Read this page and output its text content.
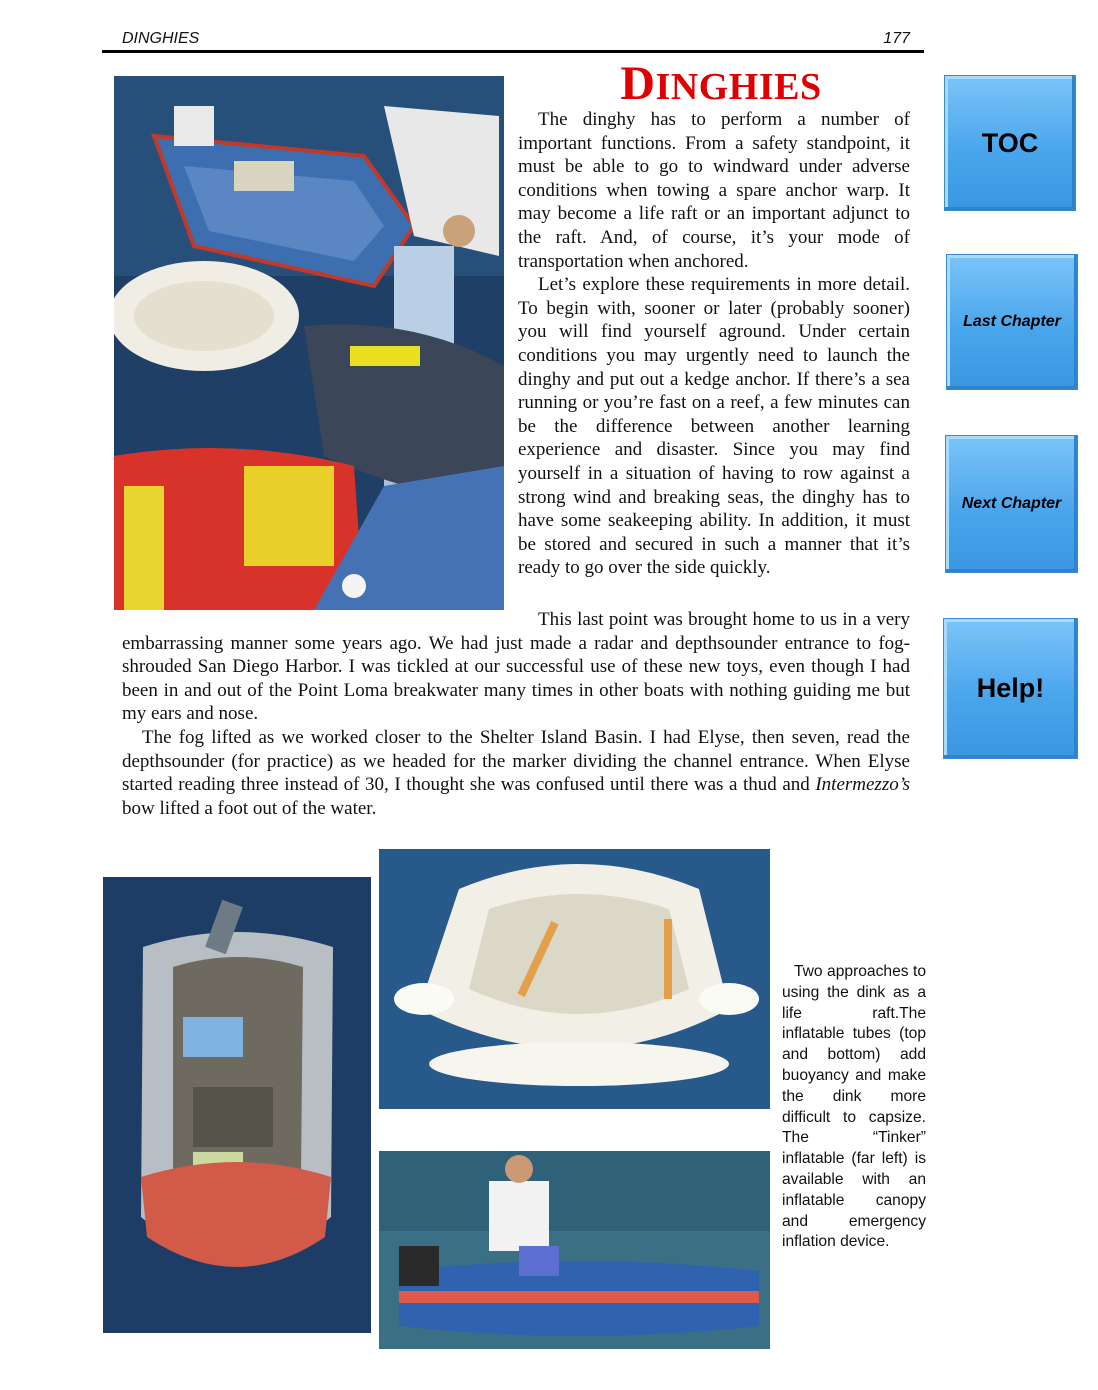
DINGHIES	177
DINGHIES

The dinghy has to perform a number of important functions. From a safety standpoint, it must be able to go to windward under adverse conditions when towing a spare anchor warp. It may become a life raft or an important adjunct to the raft. And, of course, it’s your mode of transportation when anchored.

Let’s explore these requirements in more detail. To begin with, sooner or later (probably sooner) you will find yourself aground. Under certain conditions you may urgently need to launch the dinghy and put out a kedge anchor. If there’s a sea running or you’re fast on a reef, a few minutes can be the difference between another learning experience and disaster. Since you may find yourself in a situation of having to row against a strong wind and breaking seas, the dinghy has to have some seakeeping ability. In addition, it must be stored and secured in such a manner that it’s ready to go over the side quickly.

This last point was brought home to us in a very embarrassing manner some years ago. We had just made a radar and depthsounder entrance to fog-shrouded San Diego Harbor. I was tickled at our successful use of these new toys, even though I had been in and out of the Point Loma breakwater many times in other boats with nothing guiding me but my ears and nose.

The fog lifted as we worked closer to the Shelter Island Basin. I had Elyse, then seven, read the depthsounder (for practice) as we headed for the marker dividing the channel entrance. When Elyse started reading three instead of 30, I thought she was confused until there was a thud and Intermezzo’s bow lifted a foot out of the water.

Two approaches to using the dink as a life raft.The inflatable tubes (top and bottom) add buoyancy and make the dink more difficult to capsize. The “Tinker” inflatable (far left) is available with an inflatable canopy and emergency inflation device.
TOC
Last Chapter
Next Chapter
Help!
